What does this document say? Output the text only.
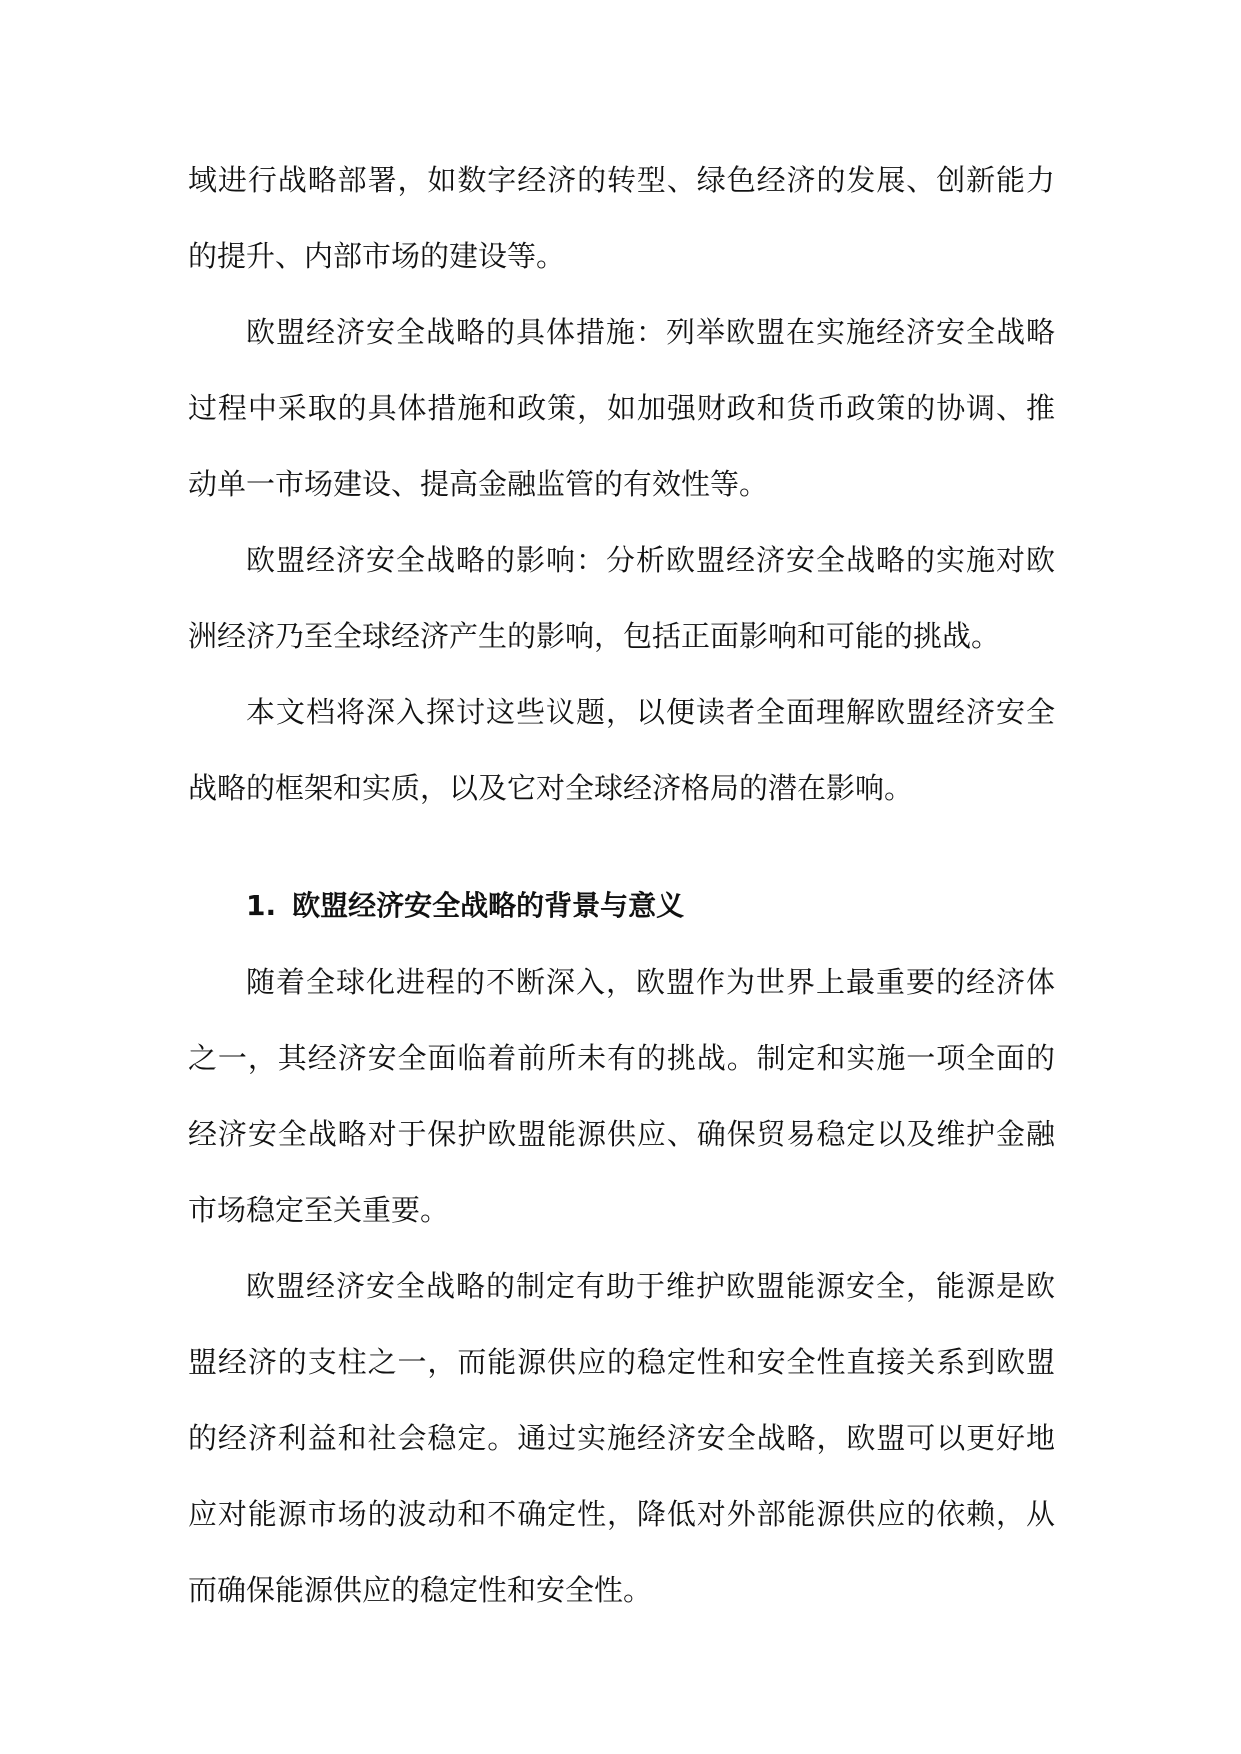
域进行战略部署，如数字经济的转型、绿色经济的发展、创新能力的提升、内部市场的建设等。

欧盟经济安全战略的具体措施：列举欧盟在实施经济安全战略过程中采取的具体措施和政策，如加强财政和货币政策的协调、推动单一市场建设、提高金融监管的有效性等。

欧盟经济安全战略的影响：分析欧盟经济安全战略的实施对欧洲经济乃至全球经济产生的影响，包括正面影响和可能的挑战。

本文档将深入探讨这些议题，以便读者全面理解欧盟经济安全战略的框架和实质，以及它对全球经济格局的潜在影响。

1. 欧盟经济安全战略的背景与意义

随着全球化进程的不断深入，欧盟作为世界上最重要的经济体之一，其经济安全面临着前所未有的挑战。制定和实施一项全面的经济安全战略对于保护欧盟能源供应、确保贸易稳定以及维护金融市场稳定至关重要。

欧盟经济安全战略的制定有助于维护欧盟能源安全，能源是欧盟经济的支柱之一，而能源供应的稳定性和安全性直接关系到欧盟的经济利益和社会稳定。通过实施经济安全战略，欧盟可以更好地应对能源市场的波动和不确定性，降低对外部能源供应的依赖，从而确保能源供应的稳定性和安全性。
